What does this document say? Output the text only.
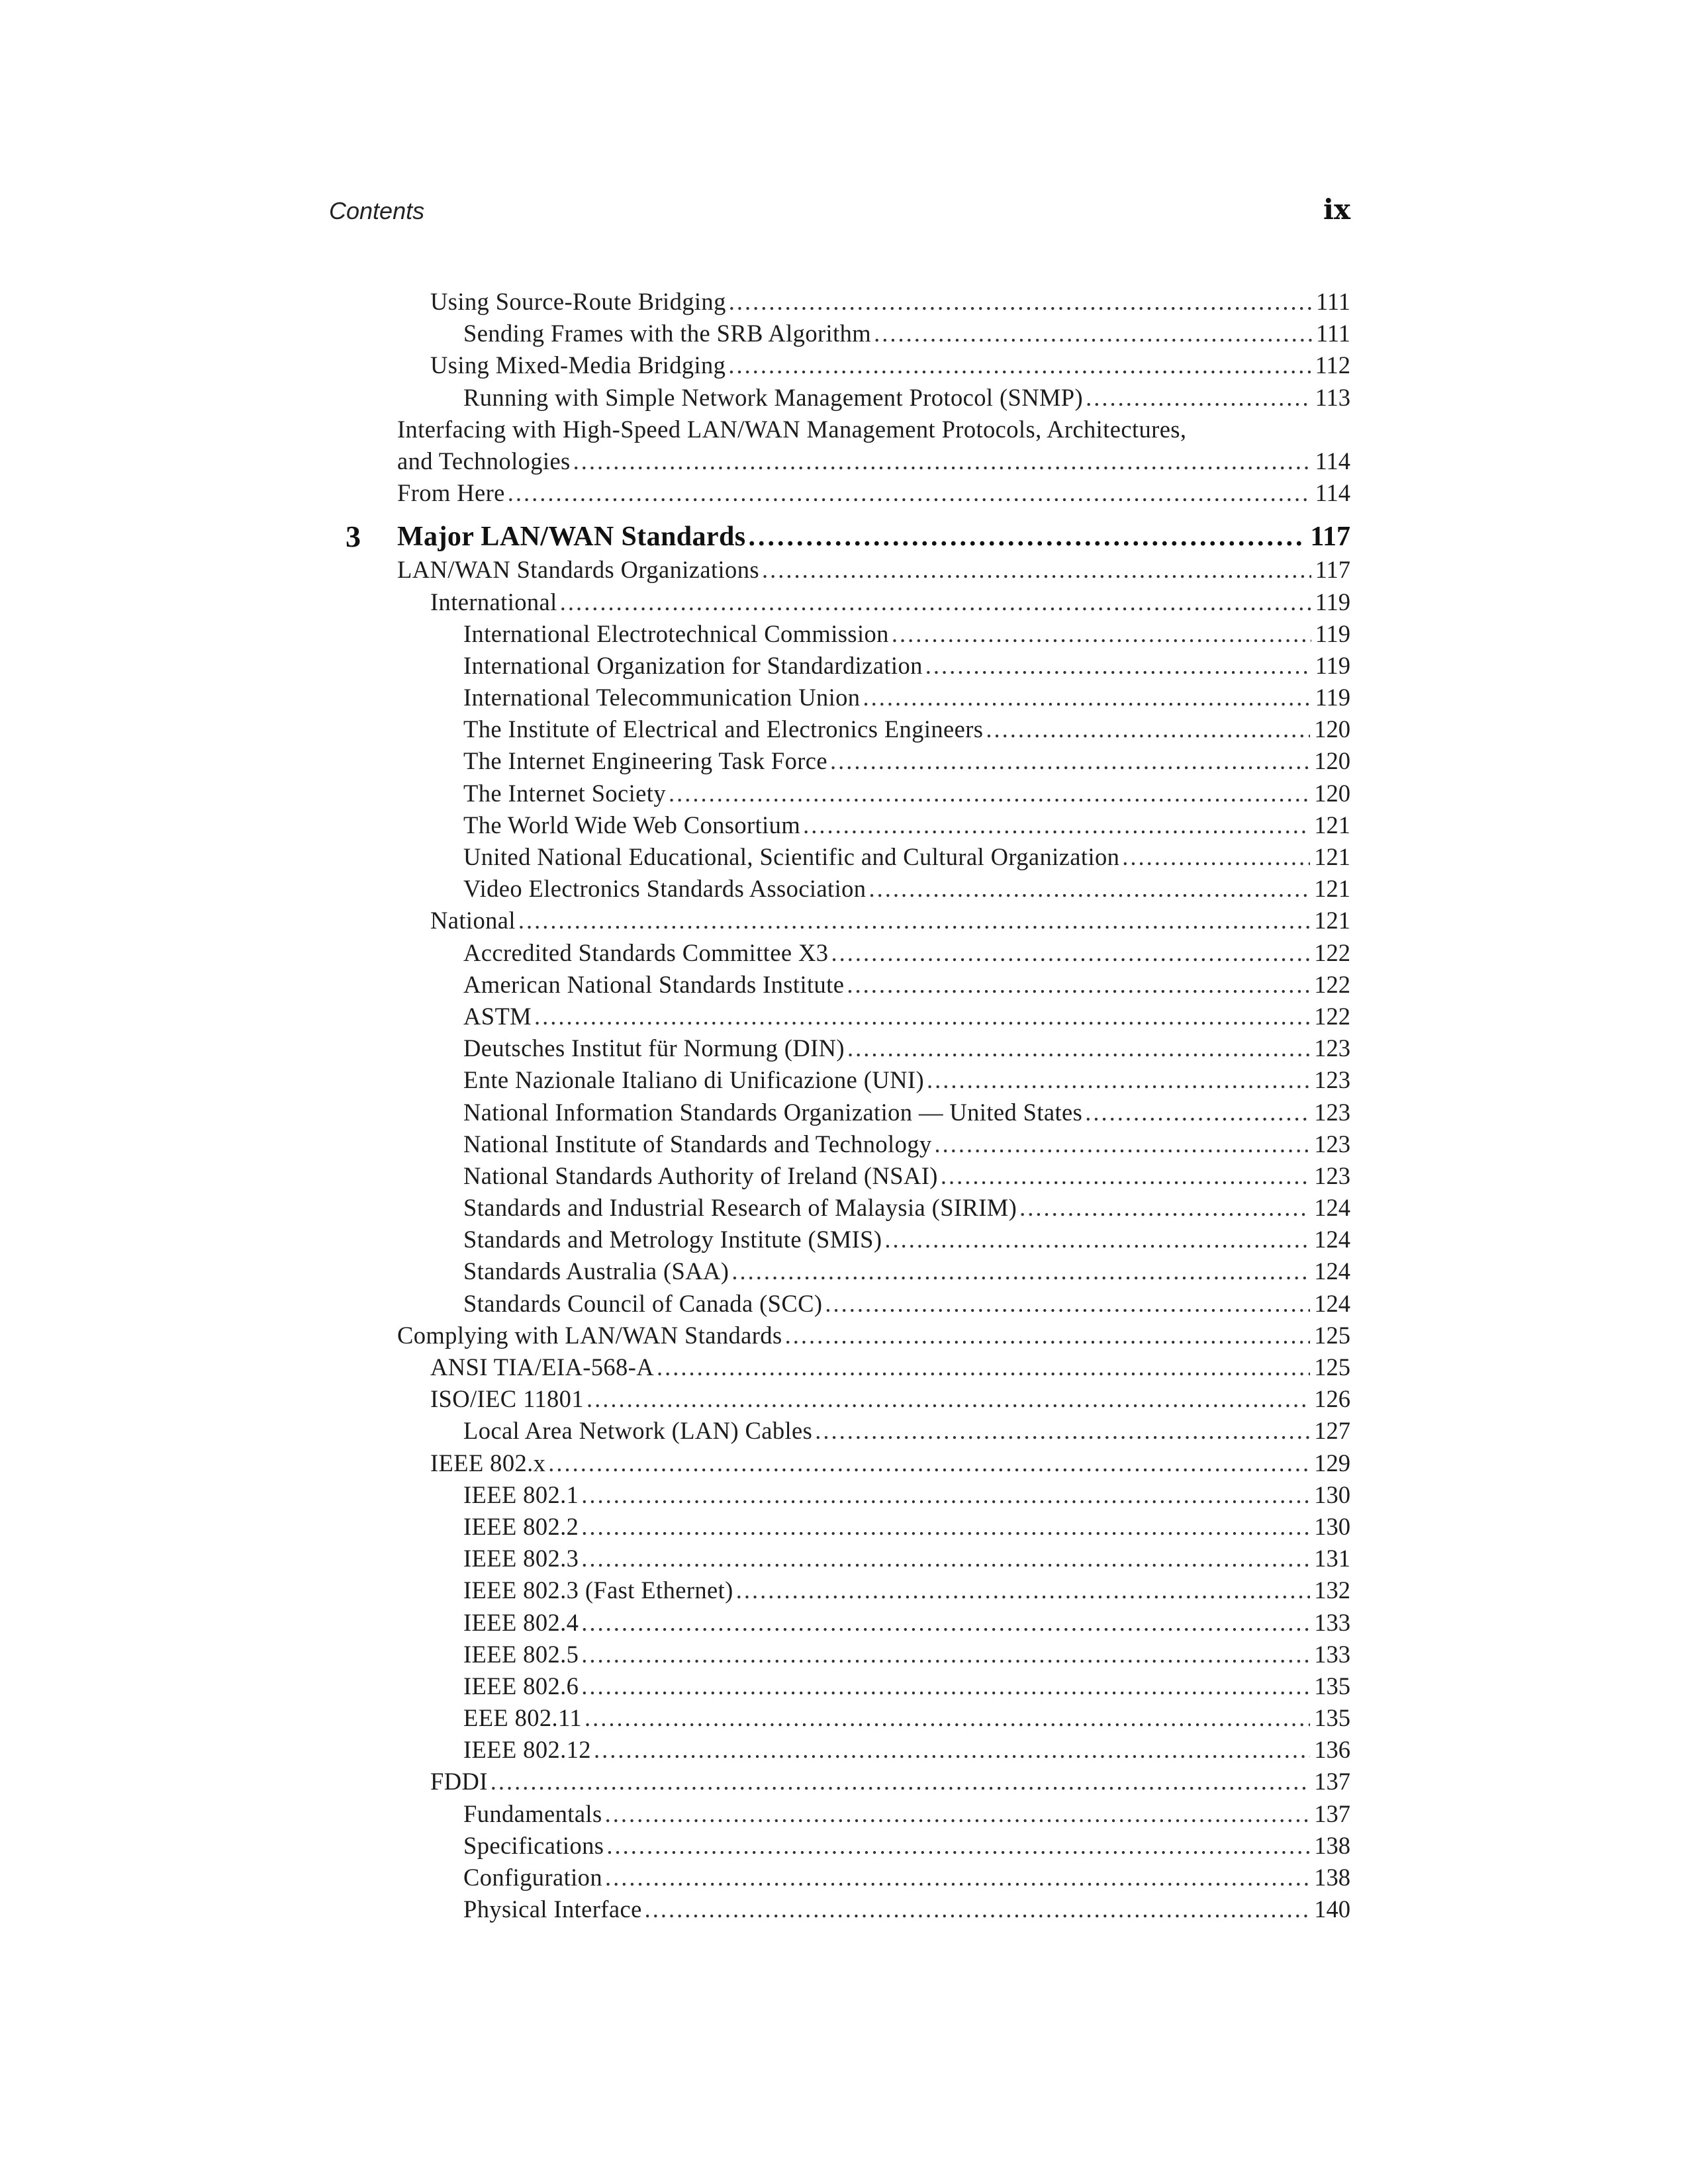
Contents	ix
Using Source-Route Bridging .....	111
Sending Frames with the SRB Algorithm .....	111
Using Mixed-Media Bridging .....	112
Running with Simple Network Management Protocol (SNMP) .....	113
Interfacing with High-Speed LAN/WAN Management Protocols, Architectures,
and Technologies .....	114
From Here .....	114
3 Major LAN/WAN Standards .....	117
LAN/WAN Standards Organizations .....	117
International .....	119
International Electrotechnical Commission .....	119
International Organization for Standardization .....	119
International Telecommunication Union .....	119
The Institute of Electrical and Electronics Engineers .....	120
The Internet Engineering Task Force .....	120
The Internet Society .....	120
The World Wide Web Consortium .....	121
United National Educational, Scientific and Cultural Organization .....	121
Video Electronics Standards Association .....	121
National .....	121
Accredited Standards Committee X3 .....	122
American National Standards Institute .....	122
ASTM .....	122
Deutsches Institut für Normung (DIN) .....	123
Ente Nazionale Italiano di Unificazione (UNI) .....	123
National Information Standards Organization — United States .....	123
National Institute of Standards and Technology .....	123
National Standards Authority of Ireland (NSAI) .....	123
Standards and Industrial Research of Malaysia (SIRIM) .....	124
Standards and Metrology Institute (SMIS) .....	124
Standards Australia (SAA) .....	124
Standards Council of Canada (SCC) .....	124
Complying with LAN/WAN Standards .....	125
ANSI TIA/EIA-568-A .....	125
ISO/IEC 11801 .....	126
Local Area Network (LAN) Cables .....	127
IEEE 802.x .....	129
IEEE 802.1 .....	130
IEEE 802.2 .....	130
IEEE 802.3 .....	131
IEEE 802.3 (Fast Ethernet) .....	132
IEEE 802.4 .....	133
IEEE 802.5 .....	133
IEEE 802.6 .....	135
EEE 802.11 .....	135
IEEE 802.12 .....	136
FDDI .....	137
Fundamentals .....	137
Specifications .....	138
Configuration .....	138
Physical Interface .....	140
